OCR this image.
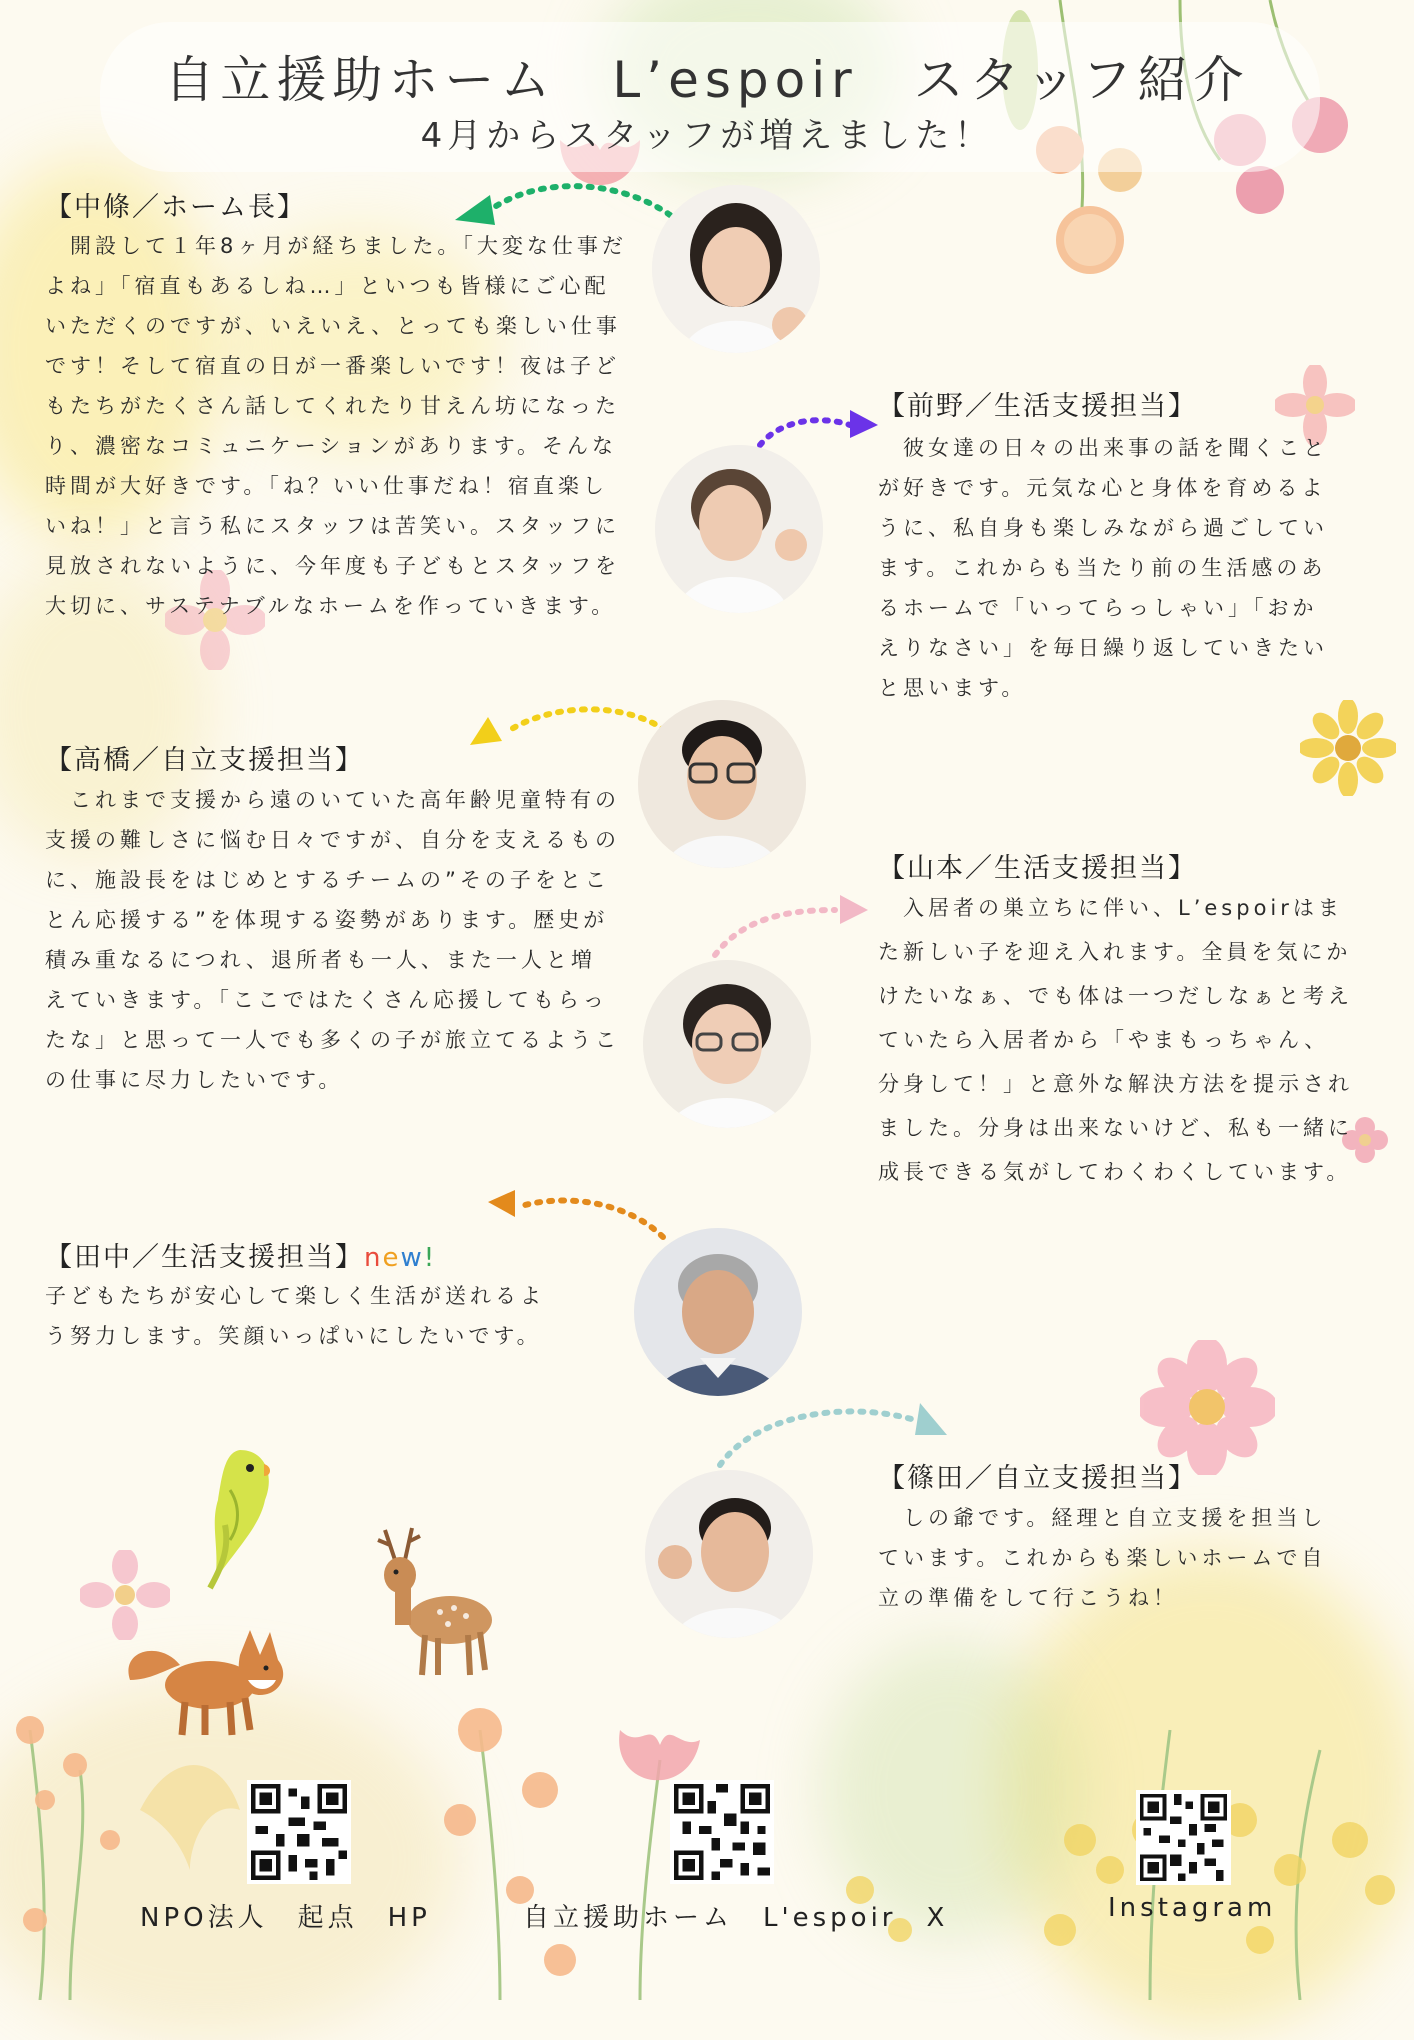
自立援助ホーム　L’espoir　スタッフ紹介
4月からスタッフが増えました！
【中條／ホーム長】
　開設して１年8ヶ月が経ちました。「大変な仕事だよね」「宿直もあるしね…」といつも皆様にご心配いただくのですが、いえいえ、とっても楽しい仕事です！そして宿直の日が一番楽しいです！夜は子どもたちがたくさん話してくれたり甘えん坊になったり、濃密なコミュニケーションがあります。そんな時間が大好きです。「ね？いい仕事だね！宿直楽しいね！」と言う私にスタッフは苦笑い。スタッフに見放されないように、今年度も子どもとスタッフを大切に、サステナブルなホームを作っていきます。
【前野／生活支援担当】
　彼女達の日々の出来事の話を聞くことが好きです。元気な心と身体を育めるように、私自身も楽しみながら過ごしています。これからも当たり前の生活感のあるホームで「いってらっしゃい」「おかえりなさい」を毎日繰り返していきたいと思います。
【高橋／自立支援担当】
　これまで支援から遠のいていた高年齢児童特有の支援の難しさに悩む日々ですが、自分を支えるものに、施設長をはじめとするチームの”その子をとことん応援する”を体現する姿勢があります。歴史が積み重なるにつれ、退所者も一人、また一人と増えていきます。「ここではたくさん応援してもらったな」と思って一人でも多くの子が旅立てるようこの仕事に尽力したいです。
【山本／生活支援担当】
　入居者の巣立ちに伴い、L’espoirはまた新しい子を迎え入れます。全員を気にかけたいなぁ、でも体は一つだしなぁと考えていたら入居者から「やまもっちゃん、分身して！」と意外な解決方法を提示されました。分身は出来ないけど、私も一緒に成長できる気がしてわくわくしています。
【田中／生活支援担当】new!
子どもたちが安心して楽しく生活が送れるよう努力します。笑顔いっぱいにしたいです。
【篠田／自立支援担当】
　しの爺です。経理と自立支援を担当しています。これからも楽しいホームで自立の準備をして行こうね！
NPO法人　起点　HP	自立援助ホーム　L'espoir　X	Instagram
